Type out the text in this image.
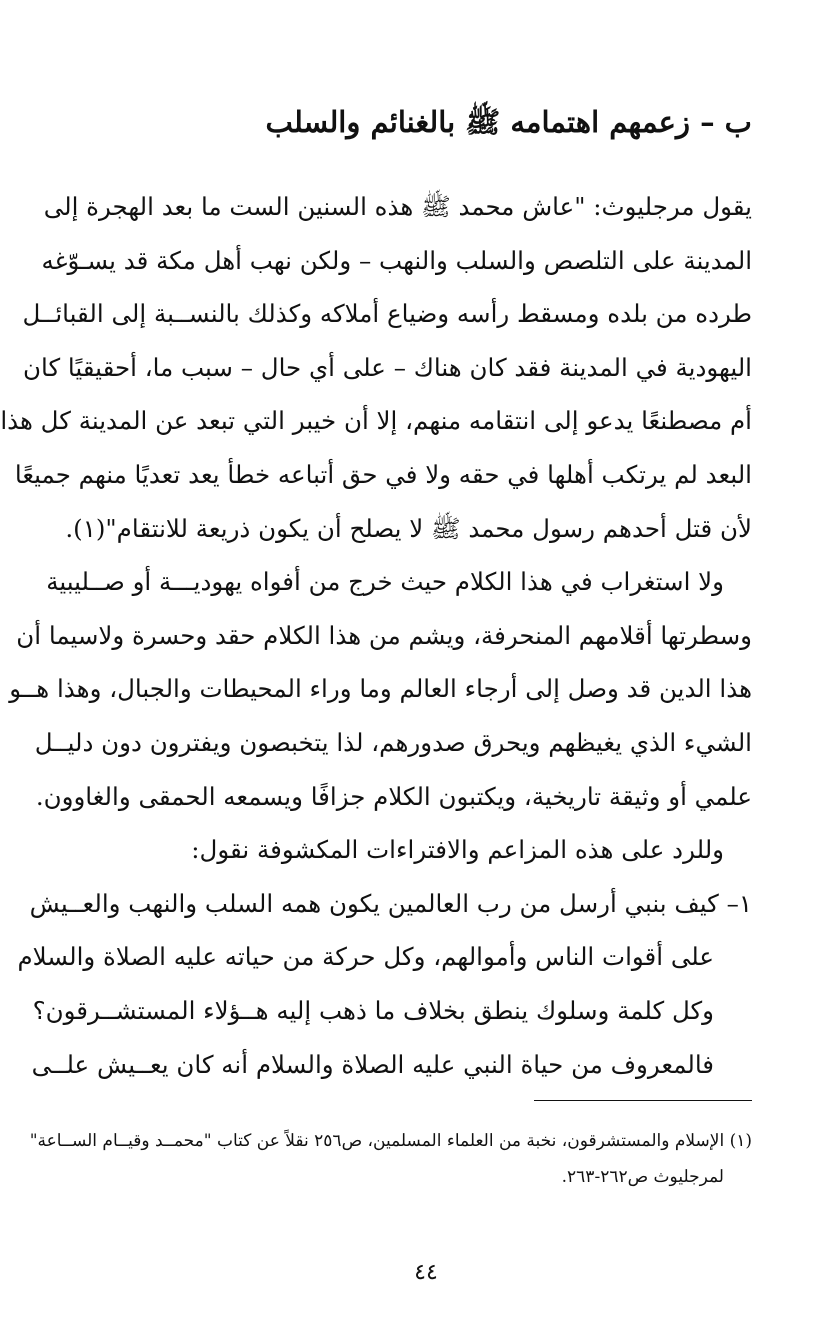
ب – زعمهم اهتمامه ﷺ بالغنائم والسلب
يقول مرجليوث: "عاش محمد ﷺ هذه السنين الست ما بعد الهجرة إلى
المدينة على التلصص والسلب والنهب – ولكن نهب أهل مكة قد يسـوّغه
طرده من بلده ومسقط رأسه وضياع أملاكه وكذلك بالنســبة إلى القبائــل
اليهودية في المدينة فقد كان هناك – على أي حال – سبب ما، أحقيقيًا كان
أم مصطنعًا يدعو إلى انتقامه منهم، إلا أن خيبر التي تبعد عن المدينة كل هذا
البعد لم يرتكب أهلها في حقه ولا في حق أتباعه خطأ يعد تعديًا منهم جميعًا
لأن قتل أحدهم رسول محمد ﷺ لا يصلح أن يكون ذريعة للانتقام"(١).
ولا استغراب في هذا الكلام حيث خرج من أفواه يهوديـــة أو صــليبية
وسطرتها أقلامهم المنحرفة، ويشم من هذا الكلام حقد وحسرة ولاسيما أن
هذا الدين قد وصل إلى أرجاء العالم وما وراء المحيطات والجبال، وهذا هــو
الشيء الذي يغيظهم ويحرق صدورهم، لذا يتخبصون ويفترون دون دليــل
علمي أو وثيقة تاريخية، ويكتبون الكلام جزافًا ويسمعه الحمقى والغاوون.
وللرد على هذه المزاعم والافتراءات المكشوفة نقول:
١– كيف بنبي أرسل من رب العالمين يكون همه السلب والنهب والعــيش
على أقوات الناس وأموالهم، وكل حركة من حياته عليه الصلاة والسلام
وكل كلمة وسلوك ينطق بخلاف ما ذهب إليه هــؤلاء المستشــرقون؟
فالمعروف من حياة النبي عليه الصلاة والسلام أنه كان يعــيش علــى
(١) الإسلام والمستشرقون، نخبة من العلماء المسلمين، ص٢٥٦ نقلاً عن كتاب "محمــد وقيــام الســاعة"
لمرجليوث ص٢٦٢-٢٦٣.
٤٤
